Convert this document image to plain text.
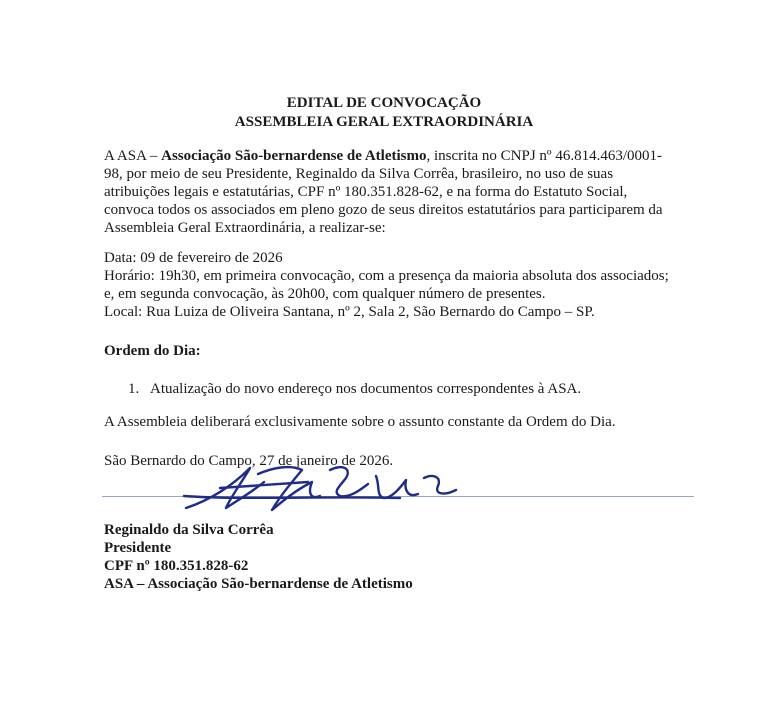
EDITAL DE CONVOCAÇÃO
ASSEMBLEIA GERAL EXTRAORDINÁRIA
A ASA – Associação São-bernardense de Atletismo, inscrita no CNPJ nº 46.814.463/0001-
98, por meio de seu Presidente, Reginaldo da Silva Corrêa, brasileiro, no uso de suas
atribuições legais e estatutárias, CPF nº 180.351.828-62, e na forma do Estatuto Social,
convoca todos os associados em pleno gozo de seus direitos estatutários para participarem da
Assembleia Geral Extraordinária, a realizar-se:
Data: 09 de fevereiro de 2026
Horário: 19h30, em primeira convocação, com a presença da maioria absoluta dos associados;
e, em segunda convocação, às 20h00, com qualquer número de presentes.
Local: Rua Luiza de Oliveira Santana, nº 2, Sala 2, São Bernardo do Campo – SP.
Ordem do Dia:
1. Atualização do novo endereço nos documentos correspondentes à ASA.
A Assembleia deliberará exclusivamente sobre o assunto constante da Ordem do Dia.
São Bernardo do Campo, 27 de janeiro de 2026.
Reginaldo da Silva Corrêa
Presidente
CPF nº 180.351.828-62
ASA – Associação São-bernardense de Atletismo
